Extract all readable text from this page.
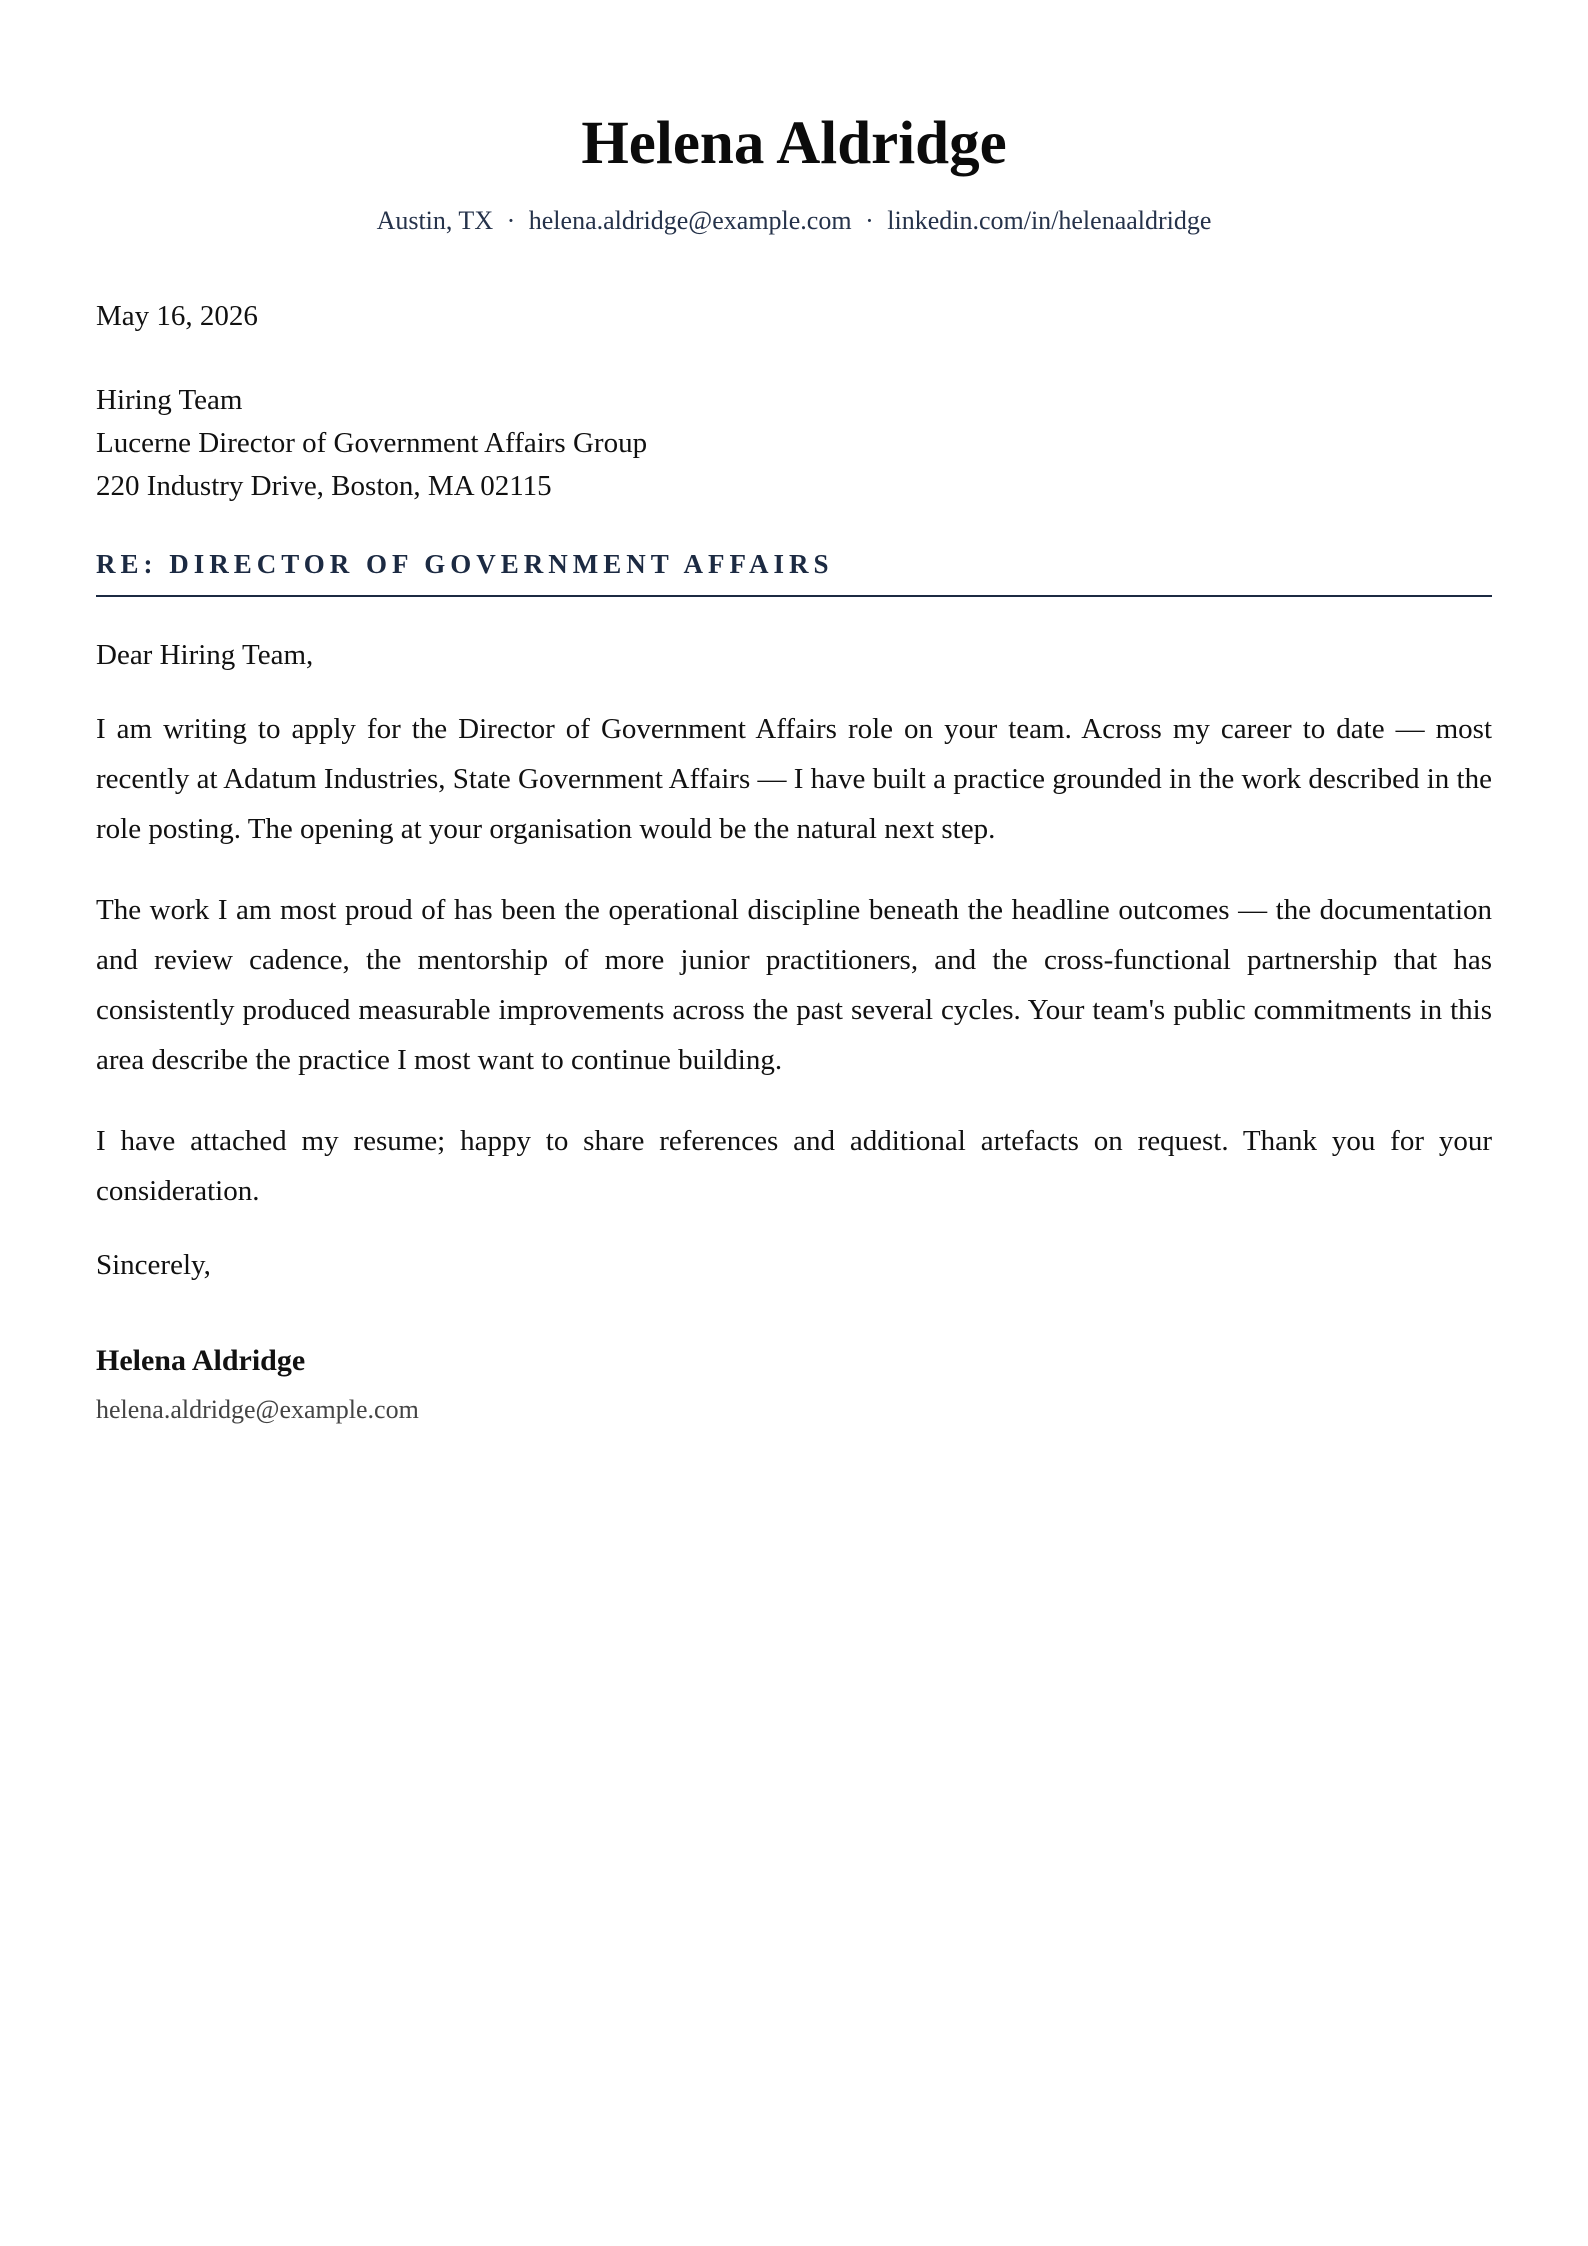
Helena Aldridge
Austin, TX · helena.aldridge@example.com · linkedin.com/in/helenaaldridge
May 16, 2026
Hiring Team
Lucerne Director of Government Affairs Group
220 Industry Drive, Boston, MA 02115
RE: DIRECTOR OF GOVERNMENT AFFAIRS
Dear Hiring Team,

I am writing to apply for the Director of Government Affairs role on your team. Across my career to date — most recently at Adatum Industries, State Government Affairs — I have built a practice grounded in the work described in the role posting. The opening at your organisation would be the natural next step.

The work I am most proud of has been the operational discipline beneath the headline outcomes — the documentation and review cadence, the mentorship of more junior practitioners, and the cross-functional partnership that has consistently produced measurable improvements across the past several cycles. Your team's public commitments in this area describe the practice I most want to continue building.

I have attached my resume; happy to share references and additional artefacts on request. Thank you for your consideration.

Sincerely,
Helena Aldridge
helena.aldridge@example.com
